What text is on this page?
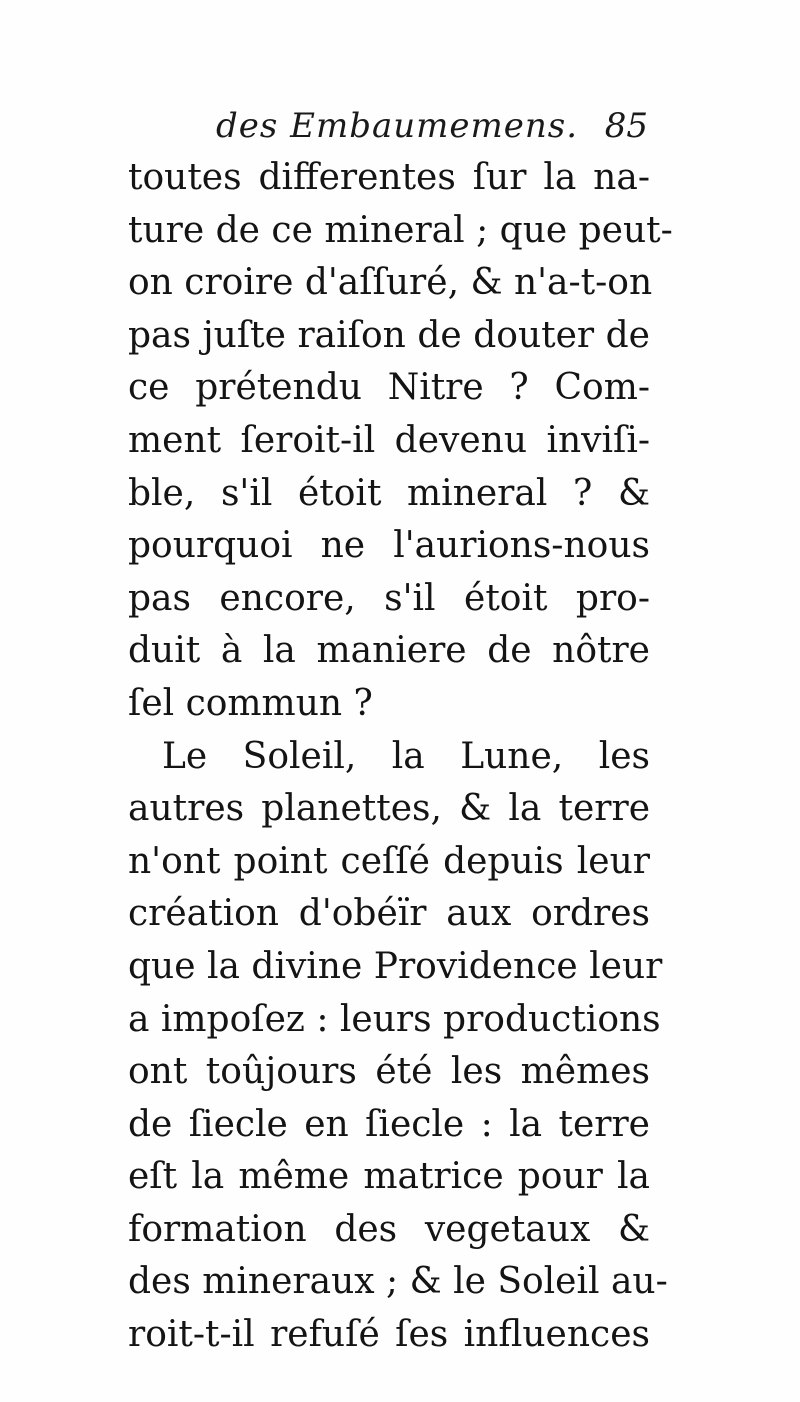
des Embaumemens. 85
toutes differentes ſur la na-
ture de ce mineral ; que peut-
on croire d'aſſuré, & n'a-t-on
pas juſte raiſon de douter de
ce prétendu Nitre ? Com-
ment ſeroit-il devenu inviſi-
ble, s'il étoit mineral ? &
pourquoi ne l'aurions-nous
pas encore, s'il étoit pro-
duit à la maniere de nôtre
ſel commun ?
Le Soleil, la Lune, les
autres planettes, & la terre
n'ont point ceſſé depuis leur
création d'obéïr aux ordres
que la divine Providence leur
a impoſez : leurs productions
ont toûjours été les mêmes
de ſiecle en ſiecle : la terre
eſt la même matrice pour la
formation des vegetaux &
des mineraux ; & le Soleil au-
roit-t-il refuſé ſes influences
